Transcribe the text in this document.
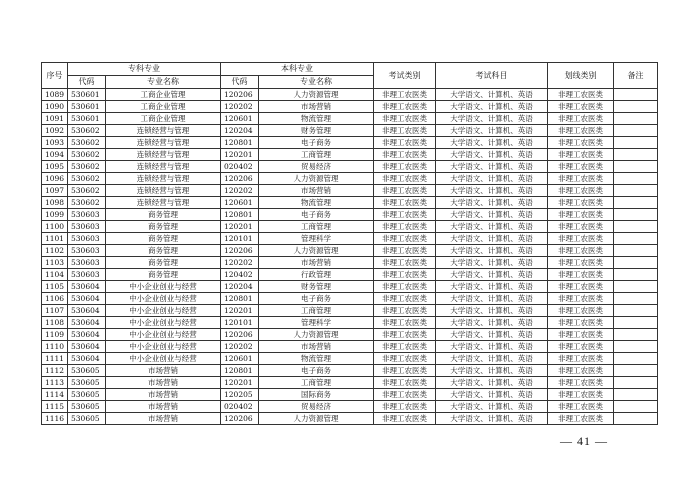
序号	专科专业		本科专业		考试类别	考试科目	划线类别	备注
	代码	专业名称	代码	专业名称				
1089	530601	工商企业管理	120206	人力资源管理	非理工农医类	大学语文、计算机、英语	非理工农医类	
1090	530601	工商企业管理	120202	市场营销	非理工农医类	大学语文、计算机、英语	非理工农医类	
1091	530601	工商企业管理	120601	物流管理	非理工农医类	大学语文、计算机、英语	非理工农医类	
1092	530602	连锁经营与管理	120204	财务管理	非理工农医类	大学语文、计算机、英语	非理工农医类	
1093	530602	连锁经营与管理	120801	电子商务	非理工农医类	大学语文、计算机、英语	非理工农医类	
1094	530602	连锁经营与管理	120201	工商管理	非理工农医类	大学语文、计算机、英语	非理工农医类	
1095	530602	连锁经营与管理	020402	贸易经济	非理工农医类	大学语文、计算机、英语	非理工农医类	
1096	530602	连锁经营与管理	120206	人力资源管理	非理工农医类	大学语文、计算机、英语	非理工农医类	
1097	530602	连锁经营与管理	120202	市场营销	非理工农医类	大学语文、计算机、英语	非理工农医类	
1098	530602	连锁经营与管理	120601	物流管理	非理工农医类	大学语文、计算机、英语	非理工农医类	
1099	530603	商务管理	120801	电子商务	非理工农医类	大学语文、计算机、英语	非理工农医类	
1100	530603	商务管理	120201	工商管理	非理工农医类	大学语文、计算机、英语	非理工农医类	
1101	530603	商务管理	120101	管理科学	非理工农医类	大学语文、计算机、英语	非理工农医类	
1102	530603	商务管理	120206	人力资源管理	非理工农医类	大学语文、计算机、英语	非理工农医类	
1103	530603	商务管理	120202	市场营销	非理工农医类	大学语文、计算机、英语	非理工农医类	
1104	530603	商务管理	120402	行政管理	非理工农医类	大学语文、计算机、英语	非理工农医类	
1105	530604	中小企业创业与经营	120204	财务管理	非理工农医类	大学语文、计算机、英语	非理工农医类	
1106	530604	中小企业创业与经营	120801	电子商务	非理工农医类	大学语文、计算机、英语	非理工农医类	
1107	530604	中小企业创业与经营	120201	工商管理	非理工农医类	大学语文、计算机、英语	非理工农医类	
1108	530604	中小企业创业与经营	120101	管理科学	非理工农医类	大学语文、计算机、英语	非理工农医类	
1109	530604	中小企业创业与经营	120206	人力资源管理	非理工农医类	大学语文、计算机、英语	非理工农医类	
1110	530604	中小企业创业与经营	120202	市场营销	非理工农医类	大学语文、计算机、英语	非理工农医类	
1111	530604	中小企业创业与经营	120601	物流管理	非理工农医类	大学语文、计算机、英语	非理工农医类	
1112	530605	市场营销	120801	电子商务	非理工农医类	大学语文、计算机、英语	非理工农医类	
1113	530605	市场营销	120201	工商管理	非理工农医类	大学语文、计算机、英语	非理工农医类	
1114	530605	市场营销	120205	国际商务	非理工农医类	大学语文、计算机、英语	非理工农医类	
1115	530605	市场营销	020402	贸易经济	非理工农医类	大学语文、计算机、英语	非理工农医类	
1116	530605	市场营销	120206	人力资源管理	非理工农医类	大学语文、计算机、英语	非理工农医类	
— 41 —
